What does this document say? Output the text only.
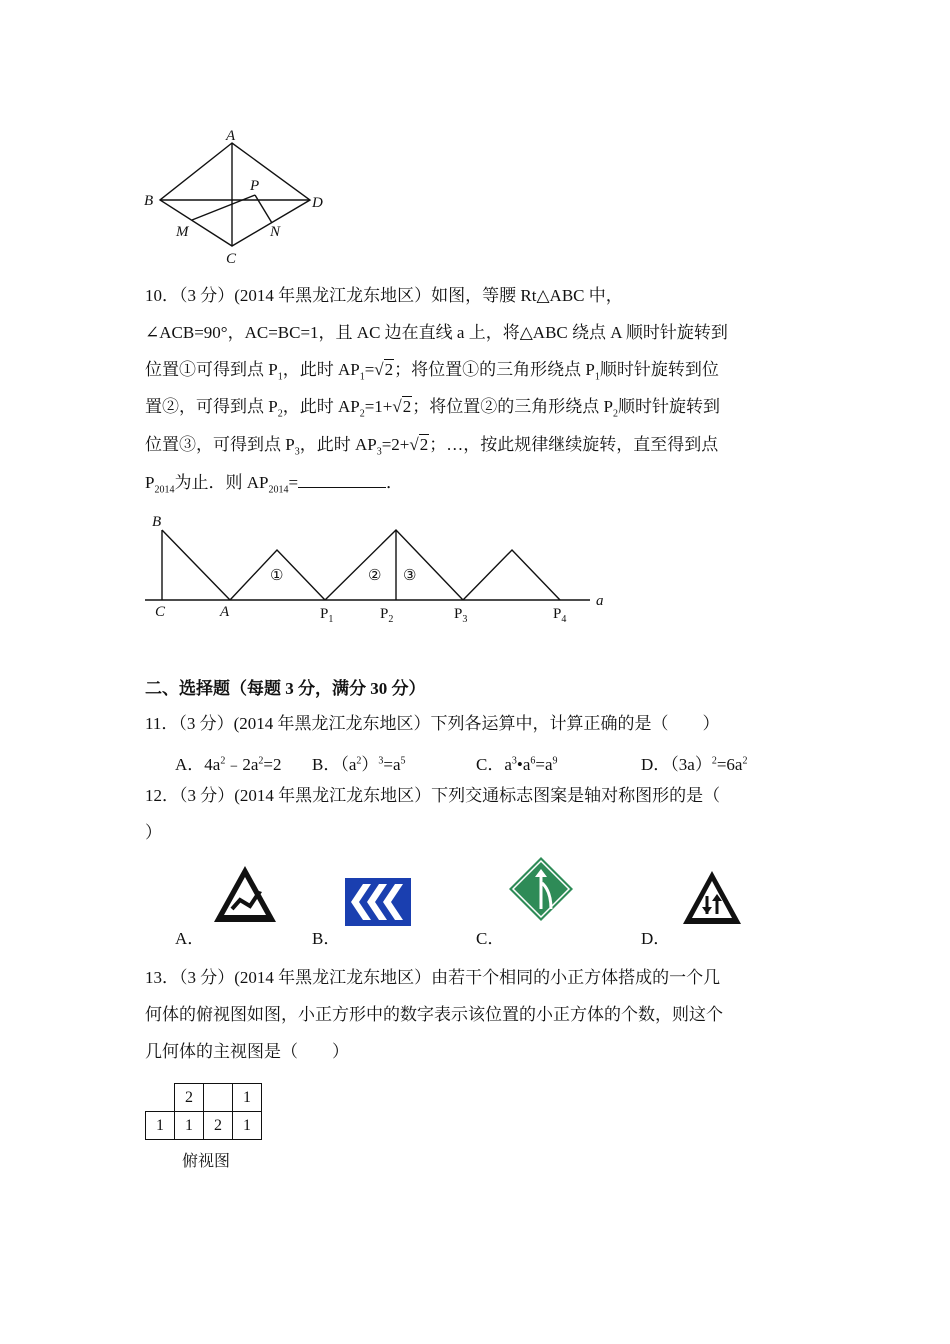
A
B
C
D
P
M	N
10．（3 分）(2014 年黑龙江龙东地区）如图，等腰 Rt△ABC 中，
∠ACB=90°，AC=BC=1，且 AC 边在直线 a 上，将△ABC 绕点 A 顺时针旋转到
位置①可得到点 $P_1$，此时 $AP_1=√2$；将位置①的三角形绕点 $P_1$顺时针旋转到位
置②，可得到点 $P_2$，此时 $AP_2=1+√2$；将位置②的三角形绕点 $P_2$顺时针旋转到
位置③，可得到点 $P_3$，此时 $AP_3=2+√2$；…，按此规律继续旋转，直至得到点
$P_{2014}$为止．则 $AP_{2014}=$	．
B
C	A
a
①	② ③
$P_1$	$P_2$	$P_3$	$P_4$
二、选择题（每题 3 分，满分 30 分）
11．（3 分）(2014 年黑龙江龙东地区）下列各运算中，计算正确的是（　　）
A．$4a^2﹣2a^2=2$ B．$(a^2)^3=a^5$	C．$a^3•a^6=a^9$	D．$(3a)^2=6a^2$
12．（3 分）(2014 年黑龙江龙东地区）下列交通标志图案是轴对称图形的是（
）
A．	B．	C．	D．
13．（3 分）(2014 年黑龙江龙东地区）由若干个相同的小正方体搭成的一个几
何体的俯视图如图，小正方形中的数字表示该位置的小正方体的个数，则这个
几何体的主视图是（　　）
	2		1
1	1	2	1
俯视图
